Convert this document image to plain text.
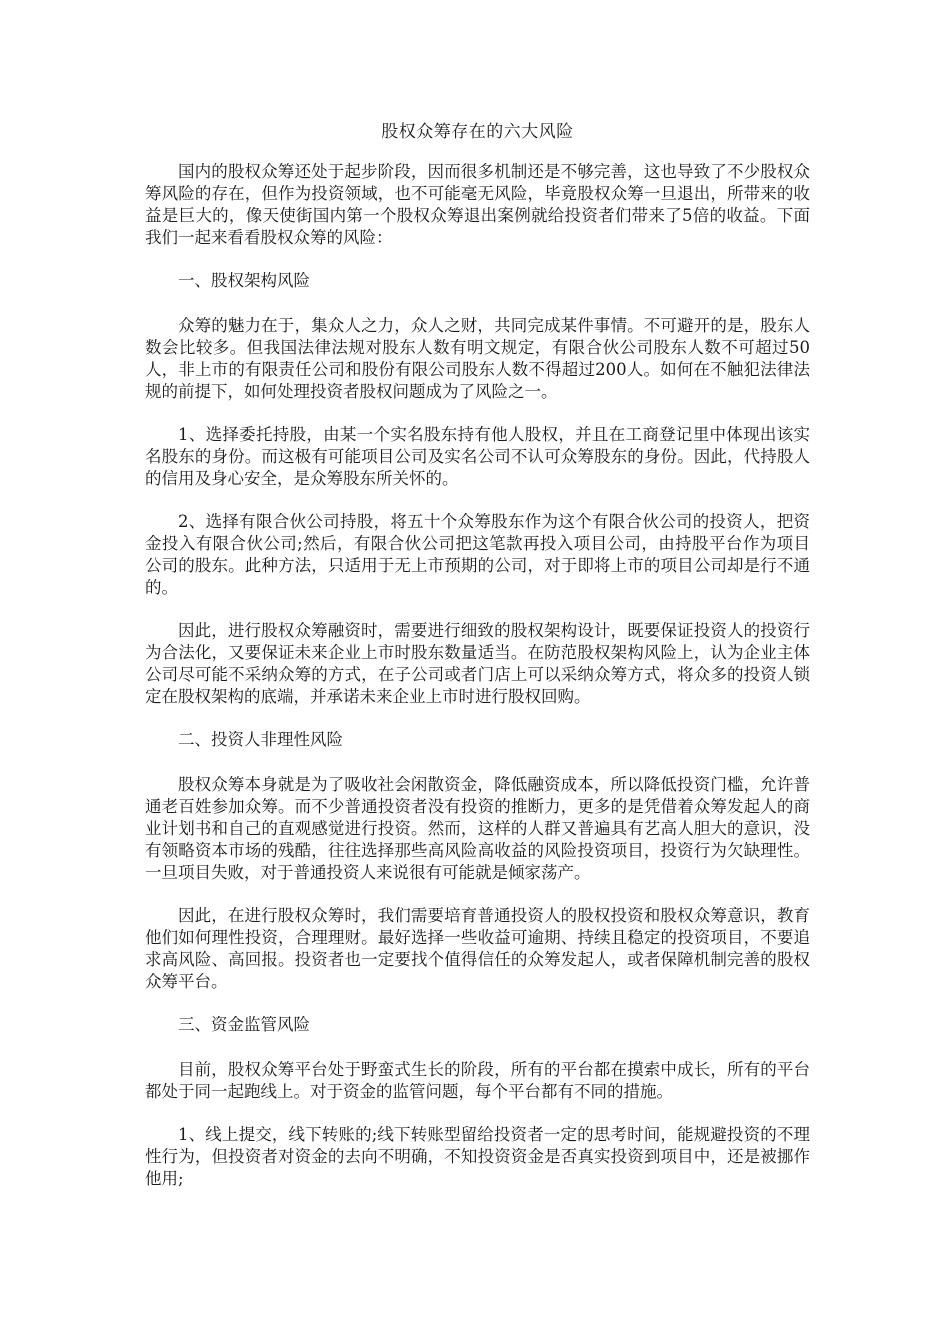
股权众筹存在的六大风险

国内的股权众筹还处于起步阶段，因而很多机制还是不够完善，这也导致了不少股权众筹风险的存在，但作为投资领域，也不可能毫无风险，毕竟股权众筹一旦退出，所带来的收益是巨大的，像天使街国内第一个股权众筹退出案例就给投资者们带来了5倍的收益。下面我们一起来看看股权众筹的风险：

一、股权架构风险

众筹的魅力在于，集众人之力，众人之财，共同完成某件事情。不可避开的是，股东人数会比较多。但我国法律法规对股东人数有明文规定，有限合伙公司股东人数不可超过50人，非上市的有限责任公司和股份有限公司股东人数不得超过200人。如何在不触犯法律法规的前提下，如何处理投资者股权问题成为了风险之一。

1、选择委托持股，由某一个实名股东持有他人股权，并且在工商登记里中体现出该实名股东的身份。而这极有可能项目公司及实名公司不认可众筹股东的身份。因此，代持股人的信用及身心安全，是众筹股东所关怀的。

2、选择有限合伙公司持股，将五十个众筹股东作为这个有限合伙公司的投资人，把资金投入有限合伙公司;然后，有限合伙公司把这笔款再投入项目公司，由持股平台作为项目公司的股东。此种方法，只适用于无上市预期的公司，对于即将上市的项目公司却是行不通的。

因此，进行股权众筹融资时，需要进行细致的股权架构设计，既要保证投资人的投资行为合法化，又要保证未来企业上市时股东数量适当。在防范股权架构风险上，认为企业主体公司尽可能不采纳众筹的方式，在子公司或者门店上可以采纳众筹方式，将众多的投资人锁定在股权架构的底端，并承诺未来企业上市时进行股权回购。

二、投资人非理性风险

股权众筹本身就是为了吸收社会闲散资金，降低融资成本，所以降低投资门槛，允许普通老百姓参加众筹。而不少普通投资者没有投资的推断力，更多的是凭借着众筹发起人的商业计划书和自己的直观感觉进行投资。然而，这样的人群又普遍具有艺高人胆大的意识，没有领略资本市场的残酷，往往选择那些高风险高收益的风险投资项目，投资行为欠缺理性。一旦项目失败，对于普通投资人来说很有可能就是倾家荡产。

因此，在进行股权众筹时，我们需要培育普通投资人的股权投资和股权众筹意识，教育他们如何理性投资，合理理财。最好选择一些收益可逾期、持续且稳定的投资项目，不要追求高风险、高回报。投资者也一定要找个值得信任的众筹发起人，或者保障机制完善的股权众筹平台。

三、资金监管风险

目前，股权众筹平台处于野蛮式生长的阶段，所有的平台都在摸索中成长，所有的平台都处于同一起跑线上。对于资金的监管问题，每个平台都有不同的措施。

1、线上提交，线下转账的;线下转账型留给投资者一定的思考时间，能规避投资的不理性行为，但投资者对资金的去向不明确，不知投资资金是否真实投资到项目中，还是被挪作他用;
